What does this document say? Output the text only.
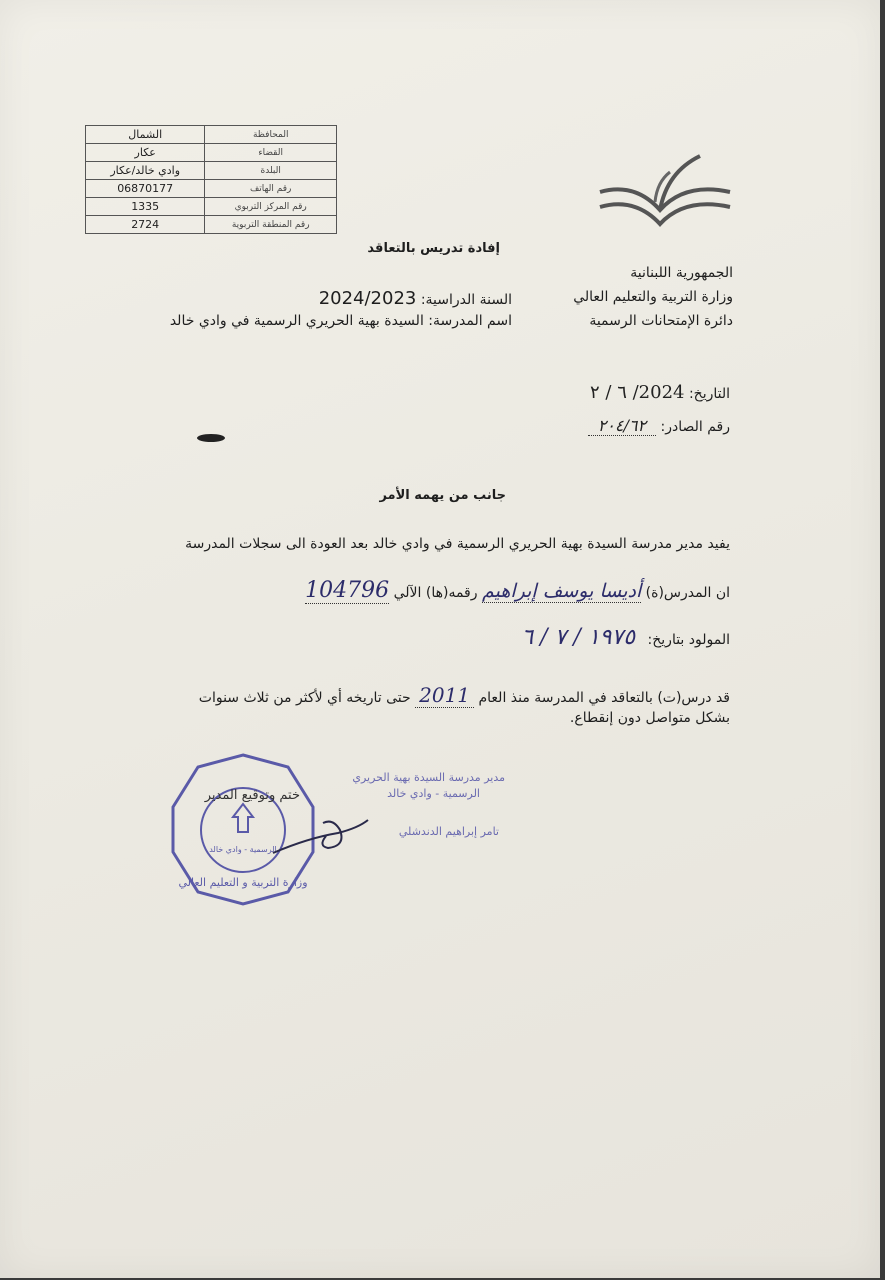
الشمال	المحافظة
عكار	القضاء
وادي خالد/عكار	البلدة
06870177	رقم الهاتف
1335	رقم المركز التربوي
2724	رقم المنطقة التربوية
إفادة تدريس بالتعاقد
الجمهورية اللبنانية
وزارة التربية والتعليم العالي
دائرة الإمتحانات الرسمية
السنة الدراسية: 2024/2023
اسم المدرسة: السيدة بهية الحريري الرسمية في وادي خالد
التاريخ: 2024/ ٦ / ٢
رقم الصادر: ٢٠٤/٦٢
جانب من يهمه الأمر
يفيد مدير مدرسة السيدة بهية الحريري الرسمية في وادي خالد بعد العودة الى سجلات المدرسة
ان المدرس(ة) أديسا يوسف إبراهيم رقمه(ها) الآلي 104796
المولود بتاريخ: ١٩٧٥ / ٧ / ٦
قد درس(ت) بالتعاقد في المدرسة منذ العام 2011 حتى تاريخه أي لأكثر من ثلاث سنوات
بشكل متواصل دون إنقطاع.
الرسمية - وادي خالد
وزارة التربية و التعليم العالي
ختم وتوقيع المدير
مدير مدرسة السيدة بهية الحريري
الرسمية - وادي خالد
تامر إبراهيم الدندشلي
